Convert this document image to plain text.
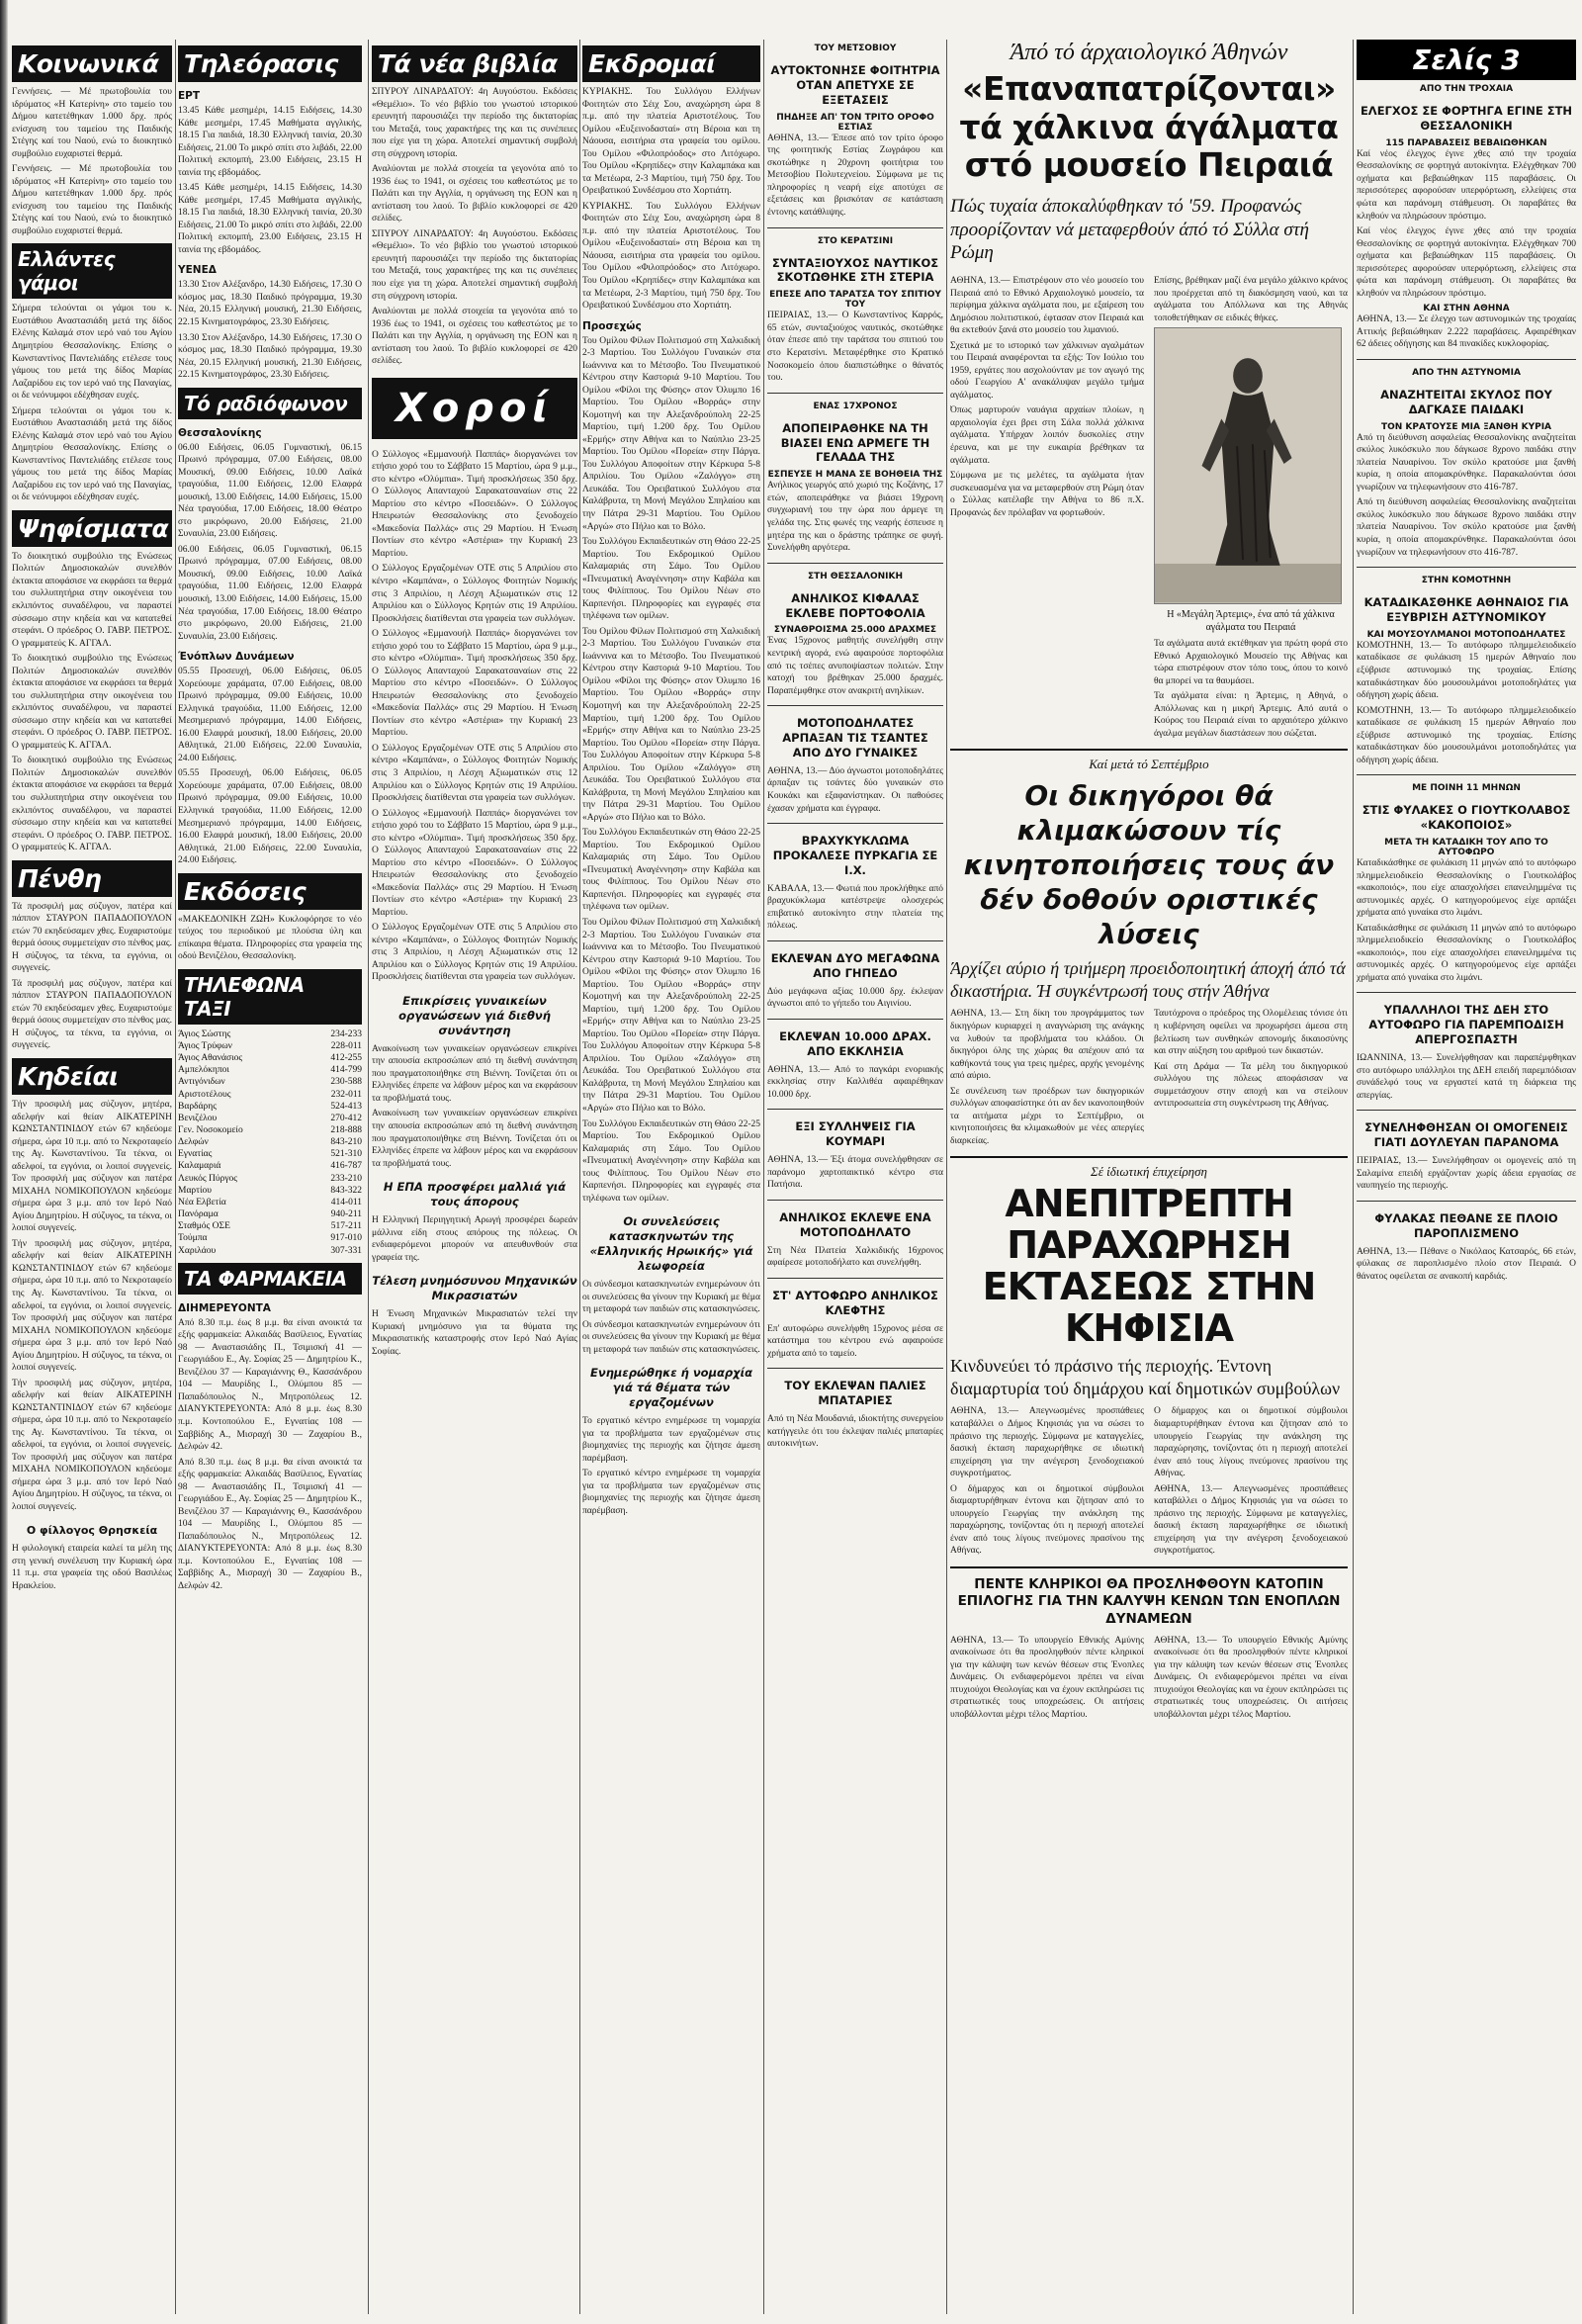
Κοινωνικά
Γεννήσεις. — Μέ πρωτοβουλία του ιδρύματος «Η Κατερίνη» στο ταμείο του Δήμου κατετέθηκαν 1.000 δρχ. πρός ενίσχυση του ταμείου της Παιδικής Στέγης καί του Ναού, ενώ το διοικητικό συμβούλιο ευχαριστεί θερμά.
Γεννήσεις. — Μέ πρωτοβουλία του ιδρύματος «Η Κατερίνη» στο ταμείο του Δήμου κατετέθηκαν 1.000 δρχ. πρός ενίσχυση του ταμείου της Παιδικής Στέγης καί του Ναού, ενώ το διοικητικό συμβούλιο ευχαριστεί θερμά.
Ελλάντες γάμοι
Σήμερα τελούνται οι γάμοι του κ. Ευστάθιου Αναστασιάδη μετά της δίδος Ελένης Καλαμά στον ιερό ναό του Αγίου Δημητρίου Θεσσαλονίκης. Επίσης ο Κωνσταντίνος Παντελιάδης ετέλεσε τους γάμους του μετά της δίδος Μαρίας Λαζαρίδου εις τον ιερό ναό της Παναγίας, οι δε νεόνυμφοι εδέχθησαν ευχές.
Σήμερα τελούνται οι γάμοι του κ. Ευστάθιου Αναστασιάδη μετά της δίδος Ελένης Καλαμά στον ιερό ναό του Αγίου Δημητρίου Θεσσαλονίκης. Επίσης ο Κωνσταντίνος Παντελιάδης ετέλεσε τους γάμους του μετά της δίδος Μαρίας Λαζαρίδου εις τον ιερό ναό της Παναγίας, οι δε νεόνυμφοι εδέχθησαν ευχές.
Ψηφίσματα
Το διοικητικό συμβούλιο της Ενώσεως Πολιτών Δημοσιοκαλών συνελθόν έκτακτα αποφάσισε να εκφράσει τα θερμά του συλλυπητήρια στην οικογένεια του εκλιπόντος συναδέλφου, να παραστεί σύσσωμο στην κηδεία και να κατατεθεί στεφάνι. Ο πρόεδρος Ο. ΓΑΒΡ. ΠΕΤΡΟΣ. Ο γραμματεύς Κ. ΑΓΓΑΛ.
Το διοικητικό συμβούλιο της Ενώσεως Πολιτών Δημοσιοκαλών συνελθόν έκτακτα αποφάσισε να εκφράσει τα θερμά του συλλυπητήρια στην οικογένεια του εκλιπόντος συναδέλφου, να παραστεί σύσσωμο στην κηδεία και να κατατεθεί στεφάνι. Ο πρόεδρος Ο. ΓΑΒΡ. ΠΕΤΡΟΣ. Ο γραμματεύς Κ. ΑΓΓΑΛ.
Το διοικητικό συμβούλιο της Ενώσεως Πολιτών Δημοσιοκαλών συνελθόν έκτακτα αποφάσισε να εκφράσει τα θερμά του συλλυπητήρια στην οικογένεια του εκλιπόντος συναδέλφου, να παραστεί σύσσωμο στην κηδεία και να κατατεθεί στεφάνι. Ο πρόεδρος Ο. ΓΑΒΡ. ΠΕΤΡΟΣ. Ο γραμματεύς Κ. ΑΓΓΑΛ.
Πένθη
Τά προσφιλή μας σύζυγον, πατέρα καί πάππον ΣΤΑΥΡΟΝ ΠΑΠΑΔΟΠΟΥΛΟΝ ετών 70 εκηδεύσαμεν χθες. Ευχαριστούμε θερμά όσους συμμετείχαν στο πένθος μας. Η σύζυγος, τα τέκνα, τα εγγόνια, οι συγγενείς.
Τά προσφιλή μας σύζυγον, πατέρα καί πάππον ΣΤΑΥΡΟΝ ΠΑΠΑΔΟΠΟΥΛΟΝ ετών 70 εκηδεύσαμεν χθες. Ευχαριστούμε θερμά όσους συμμετείχαν στο πένθος μας. Η σύζυγος, τα τέκνα, τα εγγόνια, οι συγγενείς.
Κηδείαι
Τήν προσφιλή μας σύζυγον, μητέρα, αδελφήν καί θείαν ΑΙΚΑΤΕΡΙΝΗ ΚΩΝΣΤΑΝΤΙΝΙΔΟΥ ετών 67 κηδεύομε σήμερα, ώρα 10 π.μ. από το Νεκροταφείο της Αγ. Κωνσταντίνου. Τα τέκνα, οι αδελφοί, τα εγγόνια, οι λοιποί συγγενείς. Τον προσφιλή μας σύζυγον και πατέρα ΜΙΧΑΗΛ ΝΟΜΙΚΟΠΟΥΛΟΝ κηδεύομε σήμερα ώρα 3 μ.μ. από τον Ιερό Ναό Αγίου Δημητρίου. Η σύζυγος, τα τέκνα, οι λοιποί συγγενείς.
Τήν προσφιλή μας σύζυγον, μητέρα, αδελφήν καί θείαν ΑΙΚΑΤΕΡΙΝΗ ΚΩΝΣΤΑΝΤΙΝΙΔΟΥ ετών 67 κηδεύομε σήμερα, ώρα 10 π.μ. από το Νεκροταφείο της Αγ. Κωνσταντίνου. Τα τέκνα, οι αδελφοί, τα εγγόνια, οι λοιποί συγγενείς. Τον προσφιλή μας σύζυγον και πατέρα ΜΙΧΑΗΛ ΝΟΜΙΚΟΠΟΥΛΟΝ κηδεύομε σήμερα ώρα 3 μ.μ. από τον Ιερό Ναό Αγίου Δημητρίου. Η σύζυγος, τα τέκνα, οι λοιποί συγγενείς.
Τήν προσφιλή μας σύζυγον, μητέρα, αδελφήν καί θείαν ΑΙΚΑΤΕΡΙΝΗ ΚΩΝΣΤΑΝΤΙΝΙΔΟΥ ετών 67 κηδεύομε σήμερα, ώρα 10 π.μ. από το Νεκροταφείο της Αγ. Κωνσταντίνου. Τα τέκνα, οι αδελφοί, τα εγγόνια, οι λοιποί συγγενείς. Τον προσφιλή μας σύζυγον και πατέρα ΜΙΧΑΗΛ ΝΟΜΙΚΟΠΟΥΛΟΝ κηδεύομε σήμερα ώρα 3 μ.μ. από τον Ιερό Ναό Αγίου Δημητρίου. Η σύζυγος, τα τέκνα, οι λοιποί συγγενείς.
Ο φίλλογος Θρησκεία
Η φιλολογική εταιρεία καλεί τα μέλη της στη γενική συνέλευση την Κυριακή ώρα 11 π.μ. στα γραφεία της οδού Βασιλέως Ηρακλείου.
Τηλεόρασις
ΕΡΤ
13.45 Κάθε μεσημέρι, 14.15 Ειδήσεις, 14.30 Κάθε μεσημέρι, 17.45 Μαθήματα αγγλικής, 18.15 Για παιδιά, 18.30 Ελληνική ταινία, 20.30 Ειδήσεις, 21.00 Το μικρό σπίτι στο λιβάδι, 22.00 Πολιτική εκπομπή, 23.00 Ειδήσεις, 23.15 Η ταινία της εβδομάδος.
13.45 Κάθε μεσημέρι, 14.15 Ειδήσεις, 14.30 Κάθε μεσημέρι, 17.45 Μαθήματα αγγλικής, 18.15 Για παιδιά, 18.30 Ελληνική ταινία, 20.30 Ειδήσεις, 21.00 Το μικρό σπίτι στο λιβάδι, 22.00 Πολιτική εκπομπή, 23.00 Ειδήσεις, 23.15 Η ταινία της εβδομάδος.
ΥΕΝΕΔ
13.30 Στον Αλέξανδρο, 14.30 Ειδήσεις, 17.30 Ο κόσμος μας, 18.30 Παιδικό πρόγραμμα, 19.30 Νέα, 20.15 Ελληνική μουσική, 21.30 Ειδήσεις, 22.15 Κινηματογράφος, 23.30 Ειδήσεις.
13.30 Στον Αλέξανδρο, 14.30 Ειδήσεις, 17.30 Ο κόσμος μας, 18.30 Παιδικό πρόγραμμα, 19.30 Νέα, 20.15 Ελληνική μουσική, 21.30 Ειδήσεις, 22.15 Κινηματογράφος, 23.30 Ειδήσεις.
Τό ραδιόφωνον
Θεσσαλονίκης
06.00 Ειδήσεις, 06.05 Γυμναστική, 06.15 Πρωινό πρόγραμμα, 07.00 Ειδήσεις, 08.00 Μουσική, 09.00 Ειδήσεις, 10.00 Λαϊκά τραγούδια, 11.00 Ειδήσεις, 12.00 Ελαφρά μουσική, 13.00 Ειδήσεις, 14.00 Ειδήσεις, 15.00 Νέα τραγούδια, 17.00 Ειδήσεις, 18.00 Θέατρο στο μικρόφωνο, 20.00 Ειδήσεις, 21.00 Συναυλία, 23.00 Ειδήσεις.
06.00 Ειδήσεις, 06.05 Γυμναστική, 06.15 Πρωινό πρόγραμμα, 07.00 Ειδήσεις, 08.00 Μουσική, 09.00 Ειδήσεις, 10.00 Λαϊκά τραγούδια, 11.00 Ειδήσεις, 12.00 Ελαφρά μουσική, 13.00 Ειδήσεις, 14.00 Ειδήσεις, 15.00 Νέα τραγούδια, 17.00 Ειδήσεις, 18.00 Θέατρο στο μικρόφωνο, 20.00 Ειδήσεις, 21.00 Συναυλία, 23.00 Ειδήσεις.
Ένόπλων Δυνάμεων
05.55 Προσευχή, 06.00 Ειδήσεις, 06.05 Χορεύουμε χαράματα, 07.00 Ειδήσεις, 08.00 Πρωινό πρόγραμμα, 09.00 Ειδήσεις, 10.00 Ελληνικά τραγούδια, 11.00 Ειδήσεις, 12.00 Μεσημεριανό πρόγραμμα, 14.00 Ειδήσεις, 16.00 Ελαφρά μουσική, 18.00 Ειδήσεις, 20.00 Αθλητικά, 21.00 Ειδήσεις, 22.00 Συναυλία, 24.00 Ειδήσεις.
05.55 Προσευχή, 06.00 Ειδήσεις, 06.05 Χορεύουμε χαράματα, 07.00 Ειδήσεις, 08.00 Πρωινό πρόγραμμα, 09.00 Ειδήσεις, 10.00 Ελληνικά τραγούδια, 11.00 Ειδήσεις, 12.00 Μεσημεριανό πρόγραμμα, 14.00 Ειδήσεις, 16.00 Ελαφρά μουσική, 18.00 Ειδήσεις, 20.00 Αθλητικά, 21.00 Ειδήσεις, 22.00 Συναυλία, 24.00 Ειδήσεις.
Εκδόσεις
«ΜΑΚΕΔΟΝΙΚΗ ΖΩΗ» Κυκλοφόρησε το νέο τεύχος του περιοδικού με πλούσια ύλη και επίκαιρα θέματα. Πληροφορίες στα γραφεία της οδού Βενιζέλου, Θεσσαλονίκη.
ΤΗΛΕΦΩΝΑ ΤΑΞΙ
Άγιος Σώστης	234-233
Άγιος Τρύφων	228-011
Άγιος Αθανάσιος	412-255
Αμπελόκηποι	414-799
Αντιγόνιδων	230-588
Αριστοτέλους	232-011
Βαρδάρης	524-413
Βενιζέλου	270-412
Γεν. Νοσοκομείο	218-888
Δελφών	843-210
Εγνατίας	521-310
Καλαμαριά	416-787
Λευκός Πύργος	233-210
Μαρτίου	843-322
Νέα Ελβετία	414-011
Πανόραμα	940-211
Σταθμός ΟΣΕ	517-211
Τούμπα	917-010
Χαριλάου	307-331
ΤΑ ΦΑΡΜΑΚΕΙΑ
ΔΙΗΜΕΡΕΥΟΝΤΑ
Από 8.30 π.μ. έως 8 μ.μ. θα είναι ανοικτά τα εξής φαρμακεία: Αλκαιδάς Βασίλειος, Εγνατίας 98 — Αναστασιάδης Π., Τσιμισκή 41 — Γεωργιάδου Ε., Αγ. Σοφίας 25 — Δημητρίου Κ., Βενιζέλου 37 — Καραγιάννης Θ., Κασσάνδρου 104 — Μαυρίδης Ι., Ολύμπου 85 — Παπαδόπουλος Ν., Μητροπόλεως 12. ΔΙΑΝΥΚΤΕΡΕΥΟΝΤΑ: Από 8 μ.μ. έως 8.30 π.μ. Κοντοπούλου Ε., Εγνατίας 108 — Σαββίδης Α., Μισραχή 30 — Ζαχαρίου Β., Δελφών 42.
Από 8.30 π.μ. έως 8 μ.μ. θα είναι ανοικτά τα εξής φαρμακεία: Αλκαιδάς Βασίλειος, Εγνατίας 98 — Αναστασιάδης Π., Τσιμισκή 41 — Γεωργιάδου Ε., Αγ. Σοφίας 25 — Δημητρίου Κ., Βενιζέλου 37 — Καραγιάννης Θ., Κασσάνδρου 104 — Μαυρίδης Ι., Ολύμπου 85 — Παπαδόπουλος Ν., Μητροπόλεως 12. ΔΙΑΝΥΚΤΕΡΕΥΟΝΤΑ: Από 8 μ.μ. έως 8.30 π.μ. Κοντοπούλου Ε., Εγνατίας 108 — Σαββίδης Α., Μισραχή 30 — Ζαχαρίου Β., Δελφών 42.
Τά νέα βιβλία
ΣΠΥΡΟΥ ΛΙΝΑΡΔΑΤΟΥ: 4η Αυγούστου. Εκδόσεις «Θεμέλιο». Το νέο βιβλίο του γνωστού ιστορικού ερευνητή παρουσιάζει την περίοδο της δικτατορίας του Μεταξά, τους χαρακτήρες της και τις συνέπειες που είχε για τη χώρα. Αποτελεί σημαντική συμβολή στη σύγχρονη ιστορία.
Αναλύονται με πολλά στοιχεία τα γεγονότα από το 1936 έως το 1941, οι σχέσεις του καθεστώτος με το Παλάτι και την Αγγλία, η οργάνωση της ΕΟΝ και η αντίσταση του λαού. Το βιβλίο κυκλοφορεί σε 420 σελίδες.
ΣΠΥΡΟΥ ΛΙΝΑΡΔΑΤΟΥ: 4η Αυγούστου. Εκδόσεις «Θεμέλιο». Το νέο βιβλίο του γνωστού ιστορικού ερευνητή παρουσιάζει την περίοδο της δικτατορίας του Μεταξά, τους χαρακτήρες της και τις συνέπειες που είχε για τη χώρα. Αποτελεί σημαντική συμβολή στη σύγχρονη ιστορία.
Αναλύονται με πολλά στοιχεία τα γεγονότα από το 1936 έως το 1941, οι σχέσεις του καθεστώτος με το Παλάτι και την Αγγλία, η οργάνωση της ΕΟΝ και η αντίσταση του λαού. Το βιβλίο κυκλοφορεί σε 420 σελίδες.
Χοροί
Ο Σύλλογος «Εμμανουήλ Παππάς» διοργανώνει τον ετήσιο χορό του το Σάββατο 15 Μαρτίου, ώρα 9 μ.μ., στο κέντρο «Ολύμπια». Τιμή προσκλήσεως 350 δρχ. Ο Σύλλογος Απανταχού Σαρακατσαναίων στις 22 Μαρτίου στο κέντρο «Ποσειδών». Ο Σύλλογος Ηπειρωτών Θεσσαλονίκης στο ξενοδοχείο «Μακεδονία Παλλάς» στις 29 Μαρτίου. Η Ένωση Ποντίων στο κέντρο «Αστέρια» την Κυριακή 23 Μαρτίου.
Ο Σύλλογος Εργαζομένων ΟΤΕ στις 5 Απριλίου στο κέντρο «Καμπάνα», ο Σύλλογος Φοιτητών Νομικής στις 3 Απριλίου, η Λέσχη Αξιωματικών στις 12 Απριλίου και ο Σύλλογος Κρητών στις 19 Απριλίου. Προσκλήσεις διατίθενται στα γραφεία των συλλόγων.
Ο Σύλλογος «Εμμανουήλ Παππάς» διοργανώνει τον ετήσιο χορό του το Σάββατο 15 Μαρτίου, ώρα 9 μ.μ., στο κέντρο «Ολύμπια». Τιμή προσκλήσεως 350 δρχ. Ο Σύλλογος Απανταχού Σαρακατσαναίων στις 22 Μαρτίου στο κέντρο «Ποσειδών». Ο Σύλλογος Ηπειρωτών Θεσσαλονίκης στο ξενοδοχείο «Μακεδονία Παλλάς» στις 29 Μαρτίου. Η Ένωση Ποντίων στο κέντρο «Αστέρια» την Κυριακή 23 Μαρτίου.
Ο Σύλλογος Εργαζομένων ΟΤΕ στις 5 Απριλίου στο κέντρο «Καμπάνα», ο Σύλλογος Φοιτητών Νομικής στις 3 Απριλίου, η Λέσχη Αξιωματικών στις 12 Απριλίου και ο Σύλλογος Κρητών στις 19 Απριλίου. Προσκλήσεις διατίθενται στα γραφεία των συλλόγων.
Ο Σύλλογος «Εμμανουήλ Παππάς» διοργανώνει τον ετήσιο χορό του το Σάββατο 15 Μαρτίου, ώρα 9 μ.μ., στο κέντρο «Ολύμπια». Τιμή προσκλήσεως 350 δρχ. Ο Σύλλογος Απανταχού Σαρακατσαναίων στις 22 Μαρτίου στο κέντρο «Ποσειδών». Ο Σύλλογος Ηπειρωτών Θεσσαλονίκης στο ξενοδοχείο «Μακεδονία Παλλάς» στις 29 Μαρτίου. Η Ένωση Ποντίων στο κέντρο «Αστέρια» την Κυριακή 23 Μαρτίου.
Ο Σύλλογος Εργαζομένων ΟΤΕ στις 5 Απριλίου στο κέντρο «Καμπάνα», ο Σύλλογος Φοιτητών Νομικής στις 3 Απριλίου, η Λέσχη Αξιωματικών στις 12 Απριλίου και ο Σύλλογος Κρητών στις 19 Απριλίου. Προσκλήσεις διατίθενται στα γραφεία των συλλόγων.
Επικρίσεις γυναικείων οργανώσεων γιά διεθνή συνάντηση
Ανακοίνωση των γυναικείων οργανώσεων επικρίνει την απουσία εκπροσώπων από τη διεθνή συνάντηση που πραγματοποιήθηκε στη Βιέννη. Τονίζεται ότι οι Ελληνίδες έπρεπε να λάβουν μέρος και να εκφράσουν τα προβλήματά τους.
Ανακοίνωση των γυναικείων οργανώσεων επικρίνει την απουσία εκπροσώπων από τη διεθνή συνάντηση που πραγματοποιήθηκε στη Βιέννη. Τονίζεται ότι οι Ελληνίδες έπρεπε να λάβουν μέρος και να εκφράσουν τα προβλήματά τους.
Η ΕΠΑ προσφέρει μαλλιά γιά τους άπορους
Η Ελληνική Περιηγητική Αρωγή προσφέρει δωρεάν μάλλινα είδη στους απόρους της πόλεως. Οι ενδιαφερόμενοι μπορούν να απευθυνθούν στα γραφεία της.
Τέλεση μνημόσυνου Μηχανικών Μικρασιατών
Η Ένωση Μηχανικών Μικρασιατών τελεί την Κυριακή μνημόσυνο για τα θύματα της Μικρασιατικής καταστροφής στον Ιερό Ναό Αγίας Σοφίας.
Εκδρομαί
ΚΥΡΙΑΚΗΣ. Του Συλλόγου Ελλήνων Φοιτητών στο Σέιχ Σου, αναχώρηση ώρα 8 π.μ. από την πλατεία Αριστοτέλους. Του Ομίλου «Ευξεινοδασταί» στη Βέροια και τη Νάουσα, εισιτήρια στα γραφεία του ομίλου. Του Ομίλου «Φιλοπρόοδος» στο Λιτόχωρο. Του Ομίλου «Κρηπίδες» στην Καλαμπάκα και τα Μετέωρα, 2-3 Μαρτίου, τιμή 750 δρχ. Του Ορειβατικού Συνδέσμου στο Χορτιάτη.
ΚΥΡΙΑΚΗΣ. Του Συλλόγου Ελλήνων Φοιτητών στο Σέιχ Σου, αναχώρηση ώρα 8 π.μ. από την πλατεία Αριστοτέλους. Του Ομίλου «Ευξεινοδασταί» στη Βέροια και τη Νάουσα, εισιτήρια στα γραφεία του ομίλου. Του Ομίλου «Φιλοπρόοδος» στο Λιτόχωρο. Του Ομίλου «Κρηπίδες» στην Καλαμπάκα και τα Μετέωρα, 2-3 Μαρτίου, τιμή 750 δρχ. Του Ορειβατικού Συνδέσμου στο Χορτιάτη.
Προσεχώς
Του Ομίλου Φίλων Πολιτισμού στη Χαλκιδική 2-3 Μαρτίου. Του Συλλόγου Γυναικών στα Ιωάννινα και το Μέτσοβο. Του Πνευματικού Κέντρου στην Καστοριά 9-10 Μαρτίου. Του Ομίλου «Φίλοι της Φύσης» στον Όλυμπο 16 Μαρτίου. Του Ομίλου «Βορράς» στην Κομοτηνή και την Αλεξανδρούπολη 22-25 Μαρτίου, τιμή 1.200 δρχ. Του Ομίλου «Ερμής» στην Αθήνα και το Ναύπλιο 23-25 Μαρτίου. Του Ομίλου «Πορεία» στην Πάργα. Του Συλλόγου Αποφοίτων στην Κέρκυρα 5-8 Απριλίου. Του Ομίλου «Ζαλόγγο» στη Λευκάδα. Του Ορειβατικού Συλλόγου στα Καλάβρυτα, τη Μονή Μεγάλου Σπηλαίου και την Πάτρα 29-31 Μαρτίου. Του Ομίλου «Αργώ» στο Πήλιο και το Βόλο.
Του Συλλόγου Εκπαιδευτικών στη Θάσο 22-25 Μαρτίου. Του Εκδρομικού Ομίλου Καλαμαριάς στη Σάμο. Του Ομίλου «Πνευματική Αναγέννηση» στην Καβάλα και τους Φιλίππους. Του Ομίλου Νέων στο Καρπενήσι. Πληροφορίες και εγγραφές στα τηλέφωνα των ομίλων.
Του Ομίλου Φίλων Πολιτισμού στη Χαλκιδική 2-3 Μαρτίου. Του Συλλόγου Γυναικών στα Ιωάννινα και το Μέτσοβο. Του Πνευματικού Κέντρου στην Καστοριά 9-10 Μαρτίου. Του Ομίλου «Φίλοι της Φύσης» στον Όλυμπο 16 Μαρτίου. Του Ομίλου «Βορράς» στην Κομοτηνή και την Αλεξανδρούπολη 22-25 Μαρτίου, τιμή 1.200 δρχ. Του Ομίλου «Ερμής» στην Αθήνα και το Ναύπλιο 23-25 Μαρτίου. Του Ομίλου «Πορεία» στην Πάργα. Του Συλλόγου Αποφοίτων στην Κέρκυρα 5-8 Απριλίου. Του Ομίλου «Ζαλόγγο» στη Λευκάδα. Του Ορειβατικού Συλλόγου στα Καλάβρυτα, τη Μονή Μεγάλου Σπηλαίου και την Πάτρα 29-31 Μαρτίου. Του Ομίλου «Αργώ» στο Πήλιο και το Βόλο.
Του Συλλόγου Εκπαιδευτικών στη Θάσο 22-25 Μαρτίου. Του Εκδρομικού Ομίλου Καλαμαριάς στη Σάμο. Του Ομίλου «Πνευματική Αναγέννηση» στην Καβάλα και τους Φιλίππους. Του Ομίλου Νέων στο Καρπενήσι. Πληροφορίες και εγγραφές στα τηλέφωνα των ομίλων.
Του Ομίλου Φίλων Πολιτισμού στη Χαλκιδική 2-3 Μαρτίου. Του Συλλόγου Γυναικών στα Ιωάννινα και το Μέτσοβο. Του Πνευματικού Κέντρου στην Καστοριά 9-10 Μαρτίου. Του Ομίλου «Φίλοι της Φύσης» στον Όλυμπο 16 Μαρτίου. Του Ομίλου «Βορράς» στην Κομοτηνή και την Αλεξανδρούπολη 22-25 Μαρτίου, τιμή 1.200 δρχ. Του Ομίλου «Ερμής» στην Αθήνα και το Ναύπλιο 23-25 Μαρτίου. Του Ομίλου «Πορεία» στην Πάργα. Του Συλλόγου Αποφοίτων στην Κέρκυρα 5-8 Απριλίου. Του Ομίλου «Ζαλόγγο» στη Λευκάδα. Του Ορειβατικού Συλλόγου στα Καλάβρυτα, τη Μονή Μεγάλου Σπηλαίου και την Πάτρα 29-31 Μαρτίου. Του Ομίλου «Αργώ» στο Πήλιο και το Βόλο.
Του Συλλόγου Εκπαιδευτικών στη Θάσο 22-25 Μαρτίου. Του Εκδρομικού Ομίλου Καλαμαριάς στη Σάμο. Του Ομίλου «Πνευματική Αναγέννηση» στην Καβάλα και τους Φιλίππους. Του Ομίλου Νέων στο Καρπενήσι. Πληροφορίες και εγγραφές στα τηλέφωνα των ομίλων.
Οι συνελεύσεις κατασκηνωτών της «Ελληνικής Ηρωικής» γιά λεωφορεία
Οι σύνδεσμοι κατασκηνωτών ενημερώνουν ότι οι συνελεύσεις θα γίνουν την Κυριακή με θέμα τη μεταφορά των παιδιών στις κατασκηνώσεις.
Οι σύνδεσμοι κατασκηνωτών ενημερώνουν ότι οι συνελεύσεις θα γίνουν την Κυριακή με θέμα τη μεταφορά των παιδιών στις κατασκηνώσεις.
Ενημερώθηκε ή νομαρχία γιά τά θέματα τών εργαζομένων
Το εργατικό κέντρο ενημέρωσε τη νομαρχία για τα προβλήματα των εργαζομένων στις βιομηχανίες της περιοχής και ζήτησε άμεση παρέμβαση.
Το εργατικό κέντρο ενημέρωσε τη νομαρχία για τα προβλήματα των εργαζομένων στις βιομηχανίες της περιοχής και ζήτησε άμεση παρέμβαση.
ΤΟΥ ΜΕΤΣΟΒΙΟΥ
ΑΥΤΟΚΤΟΝΗΣΕ ΦΟΙΤΗΤΡΙΑ ΟΤΑΝ ΑΠΕΤΥΧΕ ΣΕ ΕΞΕΤΑΣΕΙΣ
ΠΗΔΗΞΕ ΑΠ' ΤΟΝ ΤΡΙΤΟ ΟΡΟΦΟ ΕΣΤΙΑΣ
ΑΘΗΝΑ, 13.— Έπεσε από τον τρίτο όροφο της φοιτητικής Εστίας Ζωγράφου και σκοτώθηκε η 20χρονη φοιτήτρια του Μετσοβίου Πολυτεχνείου. Σύμφωνα με τις πληροφορίες η νεαρή είχε αποτύχει σε εξετάσεις και βρισκόταν σε κατάσταση έντονης κατάθλιψης.
ΣΤΟ ΚΕΡΑΤΣΙΝΙ
ΣΥΝΤΑΞΙΟΥΧΟΣ ΝΑΥΤΙΚΟΣ ΣΚΟΤΩΘΗΚΕ ΣΤΗ ΣΤΕΡΙΑ
ΕΠΕΣΕ ΑΠΟ ΤΑΡΑΤΣΑ ΤΟΥ ΣΠΙΤΙΟΥ ΤΟΥ
ΠΕΙΡΑΙΑΣ, 13.— Ο Κωνσταντίνος Καρρός, 65 ετών, συνταξιούχος ναυτικός, σκοτώθηκε όταν έπεσε από την ταράτσα του σπιτιού του στο Κερατσίνι. Μεταφέρθηκε στο Κρατικό Νοσοκομείο όπου διαπιστώθηκε ο θάνατός του.
ΕΝΑΣ 17ΧΡΟΝΟΣ
ΑΠΟΠΕΙΡΑΘΗΚΕ ΝΑ ΤΗ ΒΙΑΣΕΙ ΕΝΩ ΑΡΜΕΓΕ ΤΗ ΓΕΛΑΔΑ ΤΗΣ
ΕΣΠΕΥΣΕ Η ΜΑΝΑ ΣΕ ΒΟΗΘΕΙΑ ΤΗΣ
Ανήλικος γεωργός από χωριό της Κοζάνης, 17 ετών, αποπειράθηκε να βιάσει 19χρονη συγχωριανή του την ώρα που άρμεγε τη γελάδα της. Στις φωνές της νεαρής έσπευσε η μητέρα της και ο δράστης τράπηκε σε φυγή. Συνελήφθη αργότερα.
ΣΤΗ ΘΕΣΣΑΛΟΝΙΚΗ
ΑΝΗΛΙΚΟΣ ΚΙΦΑΛΑΣ ΕΚΛΕΒΕ ΠΟΡΤΟΦΟΛΙΑ
ΣΥΝΑΘΡΟΙΣΜΑ 25.000 ΔΡΑΧΜΕΣ
Ένας 15χρονος μαθητής συνελήφθη στην κεντρική αγορά, ενώ αφαιρούσε πορτοφόλια από τις τσέπες ανυποψίαστων πολιτών. Στην κατοχή του βρέθηκαν 25.000 δραχμές. Παραπέμφθηκε στον ανακριτή ανηλίκων.
ΜΟΤΟΠΟΔΗΛΑΤΕΣ ΑΡΠΑΞΑΝ ΤΙΣ ΤΣΑΝΤΕΣ ΑΠΟ ΔΥΟ ΓΥΝΑΙΚΕΣ
ΑΘΗΝΑ, 13.— Δύο άγνωστοι μοτοποδηλάτες άρπαξαν τις τσάντες δύο γυναικών στο Κουκάκι και εξαφανίστηκαν. Οι παθούσες έχασαν χρήματα και έγγραφα.
ΒΡΑΧΥΚΥΚΛΩΜΑ ΠΡΟΚΑΛΕΣΕ ΠΥΡΚΑΓΙΑ ΣΕ Ι.Χ.
ΚΑΒΑΛΑ, 13.— Φωτιά που προκλήθηκε από βραχυκύκλωμα κατέστρεψε ολοσχερώς επιβατικό αυτοκίνητο στην πλατεία της πόλεως.
ΕΚΛΕΨΑΝ ΔΥΟ ΜΕΓΑΦΩΝΑ ΑΠΟ ΓΗΠΕΔΟ
Δύο μεγάφωνα αξίας 10.000 δρχ. έκλεψαν άγνωστοι από το γήπεδο του Αιγινίου.
ΕΚΛΕΨΑΝ 10.000 ΔΡΑΧ. ΑΠΟ ΕΚΚΛΗΣΙΑ
ΑΘΗΝΑ, 13.— Από το παγκάρι ενοριακής εκκλησίας στην Καλλιθέα αφαιρέθηκαν 10.000 δρχ.
ΕΞΙ ΣΥΛΛΗΨΕΙΣ ΓΙΑ ΚΟΥΜΑΡΙ
ΑΘΗΝΑ, 13.— Έξι άτομα συνελήφθησαν σε παράνομο χαρτοπαικτικό κέντρο στα Πατήσια.
ΑΝΗΛΙΚΟΣ ΕΚΛΕΨΕ ΕΝΑ ΜΟΤΟΠΟΔΗΛΑΤΟ
Στη Νέα Πλατεία Χαλκιδικής 16χρονος αφαίρεσε μοτοποδήλατο και συνελήφθη.
ΣΤ' ΑΥΤΟΦΩΡΟ ΑΝΗΛΙΚΟΣ ΚΛΕΦΤΗΣ
Επ' αυτοφώρω συνελήφθη 15χρονος μέσα σε κατάστημα του κέντρου ενώ αφαιρούσε χρήματα από το ταμείο.
ΤΟΥ ΕΚΛΕΨΑΝ ΠΑΛΙΕΣ ΜΠΑΤΑΡΙΕΣ
Από τη Νέα Μουδανιά, ιδιοκτήτης συνεργείου κατήγγειλε ότι του έκλεψαν παλιές μπαταρίες αυτοκινήτων.
Άπό τό άρχαιολογικό Άθηνών
«Επαναπατρίζονται» τά χάλκινα άγάλματα στό μουσείο Πειραιά
Πώς τυχαία άποκαλύφθηκαν τό '59. Προφανώς προορίζονταν νά μεταφερθούν άπό τό Σύλλα στή Ρώμη
ΑΘΗΝΑ, 13.— Επιστρέφουν στο νέο μουσείο του Πειραιά από το Εθνικό Αρχαιολογικό μουσείο, τα περίφημα χάλκινα αγάλματα που, με εξαίρεση του Δημόσιου πολιτιστικού, έφτασαν στον Πειραιά και θα εκτεθούν ξανά στο μουσείο του λιμανιού.
Σχετικά με το ιστορικό των χάλκινων αγαλμάτων του Πειραιά αναφέρονται τα εξής: Τον Ιούλιο του 1959, εργάτες που ασχολούνταν με τον αγωγό της οδού Γεωργίου Α' ανακάλυψαν μεγάλο τμήμα αγάλματος.
Όπως μαρτυρούν ναυάγια αρχαίων πλοίων, η αρχαιολογία έχει βρει στη Σάλα πολλά χάλκινα αγάλματα. Υπήρχαν λοιπόν δυσκολίες στην έρευνα, και με την ευκαιρία βρέθηκαν τα αγάλματα.
Σύμφωνα με τις μελέτες, τα αγάλματα ήταν συσκευασμένα για να μεταφερθούν στη Ρώμη όταν ο Σύλλας κατέλαβε την Αθήνα το 86 π.Χ. Προφανώς δεν πρόλαβαν να φορτωθούν.
Επίσης, βρέθηκαν μαζί ένα μεγάλο χάλκινο κράνος που προέρχεται από τη διακόσμηση ναού, και τα αγάλματα του Απόλλωνα και της Αθηνάς τοποθετήθηκαν σε ειδικές θήκες.
Η «Μεγάλη Άρτεμις», ένα από τά χάλκινα αγάλματα του Πειραιά
Τα αγάλματα αυτά εκτέθηκαν για πρώτη φορά στο Εθνικό Αρχαιολογικό Μουσείο της Αθήνας και τώρα επιστρέφουν στον τόπο τους, όπου το κοινό θα μπορεί να τα θαυμάσει.
Τα αγάλματα είναι: η Άρτεμις, η Αθηνά, ο Απόλλωνας και η μικρή Άρτεμις. Από αυτά ο Κούρος του Πειραιά είναι το αρχαιότερο χάλκινο άγαλμα μεγάλων διαστάσεων που σώζεται.
Καί μετά τό Σεπτέμβριο
Οι δικηγόροι θά κλιμακώσουν τίς κινητοποιήσεις τους άν δέν δοθούν οριστικές λύσεις
Άρχίζει αύριο ή τριήμερη προειδοποιητική άποχή άπό τά δικαστήρια. Ή συγκέντρωσή τους στήν Άθήνα
ΑΘΗΝΑ, 13.— Στη δίκη του προγράμματος των δικηγόρων κυριαρχεί η αναγνώριση της ανάγκης να λυθούν τα προβλήματα του κλάδου. Οι δικηγόροι όλης της χώρας θα απέχουν από τα καθήκοντά τους για τρεις ημέρες, αρχής γενομένης από αύριο.
Σε συνέλευση των προέδρων των δικηγορικών συλλόγων αποφασίστηκε ότι αν δεν ικανοποιηθούν τα αιτήματα μέχρι το Σεπτέμβριο, οι κινητοποιήσεις θα κλιμακωθούν με νέες απεργίες διαρκείας.
Ταυτόχρονα ο πρόεδρος της Ολομέλειας τόνισε ότι η κυβέρνηση οφείλει να προχωρήσει άμεσα στη βελτίωση των συνθηκών απονομής δικαιοσύνης και στην αύξηση του αριθμού των δικαστών.
Καί στη Δράμα — Τα μέλη του δικηγορικού συλλόγου της πόλεως αποφάσισαν να συμμετάσχουν στην αποχή και να στείλουν αντιπροσωπεία στη συγκέντρωση της Αθήνας.
Σέ ίδιωτική έπιχείρηση
ΑΝΕΠΙΤΡΕΠΤΗ ΠΑΡΑΧΩΡΗΣΗ ΕΚΤΑΣΕΩΣ ΣΤΗΝ ΚΗΦΙΣΙΑ
Κινδυνεύει τό πράσινο τής περιοχής. Έντονη διαμαρτυρία τού δημάρχου καί δημοτικών συμβούλων
ΑΘΗΝΑ, 13.— Απεγνωσμένες προσπάθειες καταβάλλει ο Δήμος Κηφισιάς για να σώσει το πράσινο της περιοχής. Σύμφωνα με καταγγελίες, δασική έκταση παραχωρήθηκε σε ιδιωτική επιχείρηση για την ανέγερση ξενοδοχειακού συγκροτήματος.
Ο δήμαρχος και οι δημοτικοί σύμβουλοι διαμαρτυρήθηκαν έντονα και ζήτησαν από το υπουργείο Γεωργίας την ανάκληση της παραχώρησης, τονίζοντας ότι η περιοχή αποτελεί έναν από τους λίγους πνεύμονες πρασίνου της Αθήνας.
Ο δήμαρχος και οι δημοτικοί σύμβουλοι διαμαρτυρήθηκαν έντονα και ζήτησαν από το υπουργείο Γεωργίας την ανάκληση της παραχώρησης, τονίζοντας ότι η περιοχή αποτελεί έναν από τους λίγους πνεύμονες πρασίνου της Αθήνας.
ΑΘΗΝΑ, 13.— Απεγνωσμένες προσπάθειες καταβάλλει ο Δήμος Κηφισιάς για να σώσει το πράσινο της περιοχής. Σύμφωνα με καταγγελίες, δασική έκταση παραχωρήθηκε σε ιδιωτική επιχείρηση για την ανέγερση ξενοδοχειακού συγκροτήματος.
ΠΕΝΤΕ ΚΛΗΡΙΚΟΙ ΘΑ ΠΡΟΣΛΗΦΘΟΥΝ ΚΑΤΟΠΙΝ ΕΠΙΛΟΓΗΣ ΓΙΑ ΤΗΝ ΚΑΛΥΨΗ ΚΕΝΩΝ ΤΩΝ ΕΝΟΠΛΩΝ ΔΥΝΑΜΕΩΝ
ΑΘΗΝΑ, 13.— Το υπουργείο Εθνικής Αμύνης ανακοίνωσε ότι θα προσληφθούν πέντε κληρικοί για την κάλυψη των κενών θέσεων στις Ένοπλες Δυνάμεις. Οι ενδιαφερόμενοι πρέπει να είναι πτυχιούχοι Θεολογίας και να έχουν εκπληρώσει τις στρατιωτικές τους υποχρεώσεις. Οι αιτήσεις υποβάλλονται μέχρι τέλος Μαρτίου.
ΑΘΗΝΑ, 13.— Το υπουργείο Εθνικής Αμύνης ανακοίνωσε ότι θα προσληφθούν πέντε κληρικοί για την κάλυψη των κενών θέσεων στις Ένοπλες Δυνάμεις. Οι ενδιαφερόμενοι πρέπει να είναι πτυχιούχοι Θεολογίας και να έχουν εκπληρώσει τις στρατιωτικές τους υποχρεώσεις. Οι αιτήσεις υποβάλλονται μέχρι τέλος Μαρτίου.
Σελίς 3
ΑΠΟ ΤΗΝ ΤΡΟΧΑΙΑ
ΕΛΕΓΧΟΣ ΣΕ ΦΟΡΤΗΓΑ ΕΓΙΝΕ ΣΤΗ ΘΕΣΣΑΛΟΝΙΚΗ
115 ΠΑΡΑΒΑΣΕΙΣ ΒΕΒΑΙΩΘΗΚΑΝ
Καί νέος έλεγχος έγινε χθες από την τροχαία Θεσσαλονίκης σε φορτηγά αυτοκίνητα. Ελέγχθηκαν 700 οχήματα και βεβαιώθηκαν 115 παραβάσεις. Οι περισσότερες αφορούσαν υπερφόρτωση, ελλείψεις στα φώτα και παράνομη στάθμευση. Οι παραβάτες θα κληθούν να πληρώσουν πρόστιμο.
Καί νέος έλεγχος έγινε χθες από την τροχαία Θεσσαλονίκης σε φορτηγά αυτοκίνητα. Ελέγχθηκαν 700 οχήματα και βεβαιώθηκαν 115 παραβάσεις. Οι περισσότερες αφορούσαν υπερφόρτωση, ελλείψεις στα φώτα και παράνομη στάθμευση. Οι παραβάτες θα κληθούν να πληρώσουν πρόστιμο.
ΚΑΙ ΣΤΗΝ ΑΘΗΝΑ
ΑΘΗΝΑ, 13.— Σε έλεγχο των αστυνομικών της τροχαίας Αττικής βεβαιώθηκαν 2.222 παραβάσεις. Αφαιρέθηκαν 62 άδειες οδήγησης και 84 πινακίδες κυκλοφορίας.
ΑΠΟ ΤΗΝ ΑΣΤΥΝΟΜΙΑ
ΑΝΑΖΗΤΕΙΤΑΙ ΣΚΥΛΟΣ ΠΟΥ ΔΑΓΚΑΣΕ ΠΑΙΔΑΚΙ
ΤΟΝ ΚΡΑΤΟΥΣΕ ΜΙΑ ΞΑΝΘΗ ΚΥΡΙΑ
Από τη διεύθυνση ασφαλείας Θεσσαλονίκης αναζητείται σκύλος λυκόσκυλο που δάγκωσε 8χρονο παιδάκι στην πλατεία Ναυαρίνου. Τον σκύλο κρατούσε μια ξανθή κυρία, η οποία απομακρύνθηκε. Παρακαλούνται όσοι γνωρίζουν να τηλεφωνήσουν στο 416-787.
Από τη διεύθυνση ασφαλείας Θεσσαλονίκης αναζητείται σκύλος λυκόσκυλο που δάγκωσε 8χρονο παιδάκι στην πλατεία Ναυαρίνου. Τον σκύλο κρατούσε μια ξανθή κυρία, η οποία απομακρύνθηκε. Παρακαλούνται όσοι γνωρίζουν να τηλεφωνήσουν στο 416-787.
ΣΤΗΝ ΚΟΜΟΤΗΝΗ
ΚΑΤΑΔΙΚΑΣΘΗΚΕ ΑΘΗΝΑΙΟΣ ΓΙΑ ΕΞΥΒΡΙΣΗ ΑΣΤΥΝΟΜΙΚΟΥ
ΚΑΙ ΜΟΥΣΟΥΛΜΑΝΟΙ ΜΟΤΟΠΟΔΗΛΑΤΕΣ
ΚΟΜΟΤΗΝΗ, 13.— Το αυτόφωρο πλημμελειοδικείο καταδίκασε σε φυλάκιση 15 ημερών Αθηναίο που εξύβρισε αστυνομικό της τροχαίας. Επίσης καταδικάστηκαν δύο μουσουλμάνοι μοτοποδηλάτες για οδήγηση χωρίς άδεια.
ΚΟΜΟΤΗΝΗ, 13.— Το αυτόφωρο πλημμελειοδικείο καταδίκασε σε φυλάκιση 15 ημερών Αθηναίο που εξύβρισε αστυνομικό της τροχαίας. Επίσης καταδικάστηκαν δύο μουσουλμάνοι μοτοποδηλάτες για οδήγηση χωρίς άδεια.
ΜΕ ΠΟΙΝΗ 11 ΜΗΝΩΝ
ΣΤΙΣ ΦΥΛΑΚΕΣ Ο ΓΙΟΥΤΚΟΛΑΒΟΣ «ΚΑΚΟΠΟΙΟΣ»
ΜΕΤΑ ΤΗ ΚΑΤΑΔΙΚΗ ΤΟΥ ΑΠΟ ΤΟ ΑΥΤΟΦΩΡΟ
Καταδικάσθηκε σε φυλάκιση 11 μηνών από το αυτόφωρο πλημμελειοδικείο Θεσσαλονίκης ο Γιουτκολάβος «κακοποιός», που είχε απασχολήσει επανειλημμένα τις αστυνομικές αρχές. Ο κατηγορούμενος είχε αρπάξει χρήματα από γυναίκα στο λιμάνι.
Καταδικάσθηκε σε φυλάκιση 11 μηνών από το αυτόφωρο πλημμελειοδικείο Θεσσαλονίκης ο Γιουτκολάβος «κακοποιός», που είχε απασχολήσει επανειλημμένα τις αστυνομικές αρχές. Ο κατηγορούμενος είχε αρπάξει χρήματα από γυναίκα στο λιμάνι.
ΥΠΑΛΛΗΛΟΙ ΤΗΣ ΔΕΗ ΣΤΟ ΑΥΤΟΦΩΡΟ ΓΙΑ ΠΑΡΕΜΠΟΔΙΣΗ ΑΠΕΡΓΟΣΠΑΣΤΗ
ΙΩΑΝΝΙΝΑ, 13.— Συνελήφθησαν και παραπέμφθηκαν στο αυτόφωρο υπάλληλοι της ΔΕΗ επειδή παρεμπόδισαν συνάδελφό τους να εργαστεί κατά τη διάρκεια της απεργίας.
ΣΥΝΕΛΗΦΘΗΣΑΝ ΟΙ ΟΜΟΓΕΝΕΙΣ ΓΙΑΤΙ ΔΟΥΛΕΥΑΝ ΠΑΡΑΝΟΜΑ
ΠΕΙΡΑΙΑΣ, 13.— Συνελήφθησαν οι ομογενείς από τη Σαλαμίνα επειδή εργάζονταν χωρίς άδεια εργασίας σε ναυπηγείο της περιοχής.
ΦΥΛΑΚΑΣ ΠΕΘΑΝΕ ΣΕ ΠΛΟΙΟ ΠΑΡΟΠΛΙΣΜΕΝΟ
ΑΘΗΝΑ, 13.— Πέθανε ο Νικόλαος Κατσαρός, 66 ετών, φύλακας σε παροπλισμένο πλοίο στον Πειραιά. Ο θάνατος οφείλεται σε ανακοπή καρδιάς.
